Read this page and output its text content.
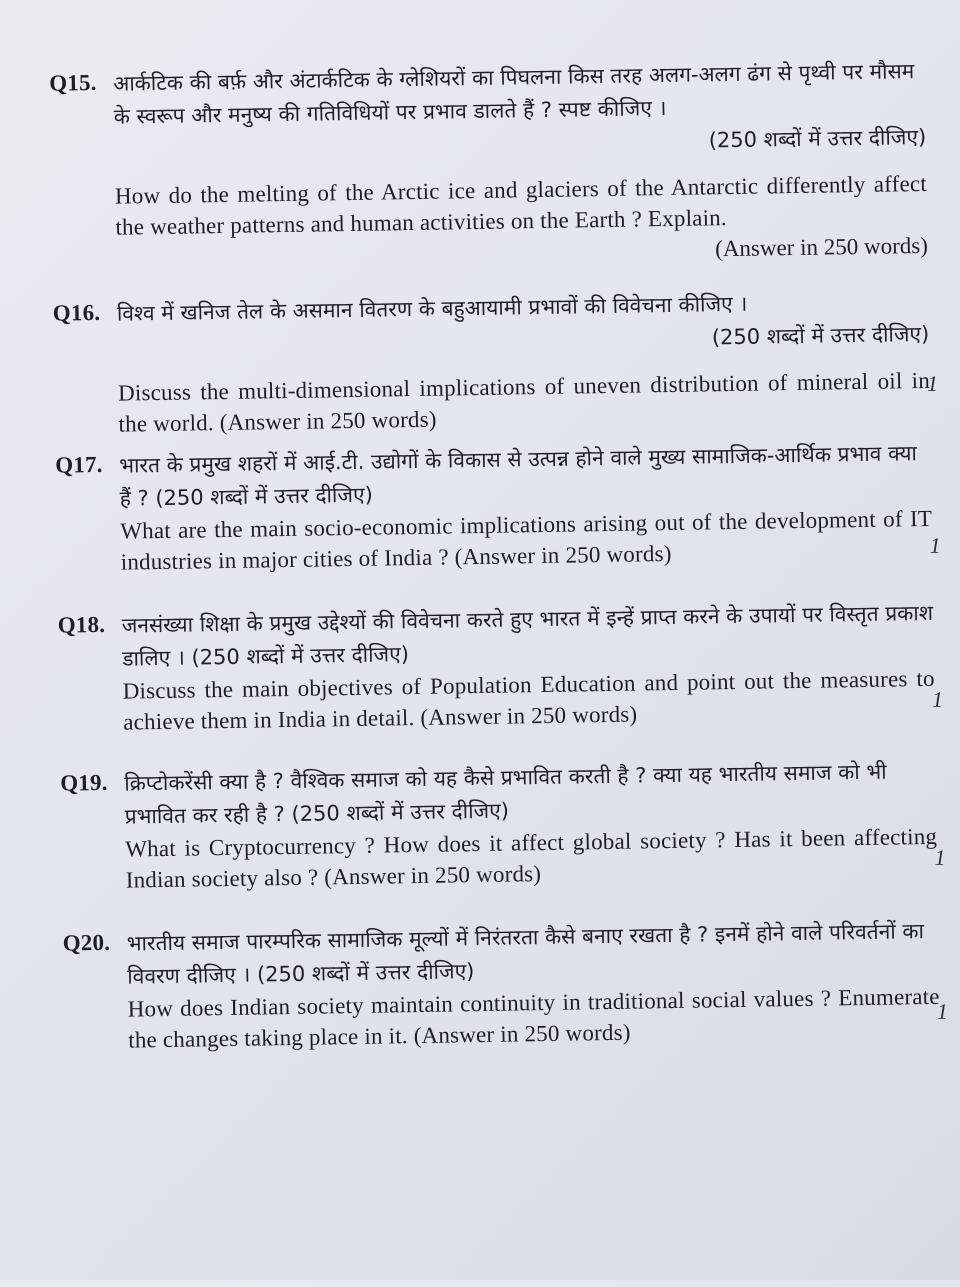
Q15. आर्कटिक की बर्फ़ और अंटार्कटिक के ग्लेशियरों का पिघलना किस तरह अलग-अलग ढंग से पृथ्वी पर मौसम के स्वरूप और मनुष्य की गतिविधियों पर प्रभाव डालते हैं ? स्पष्ट कीजिए ।

(250 शब्दों में उत्तर दीजिए)

How do the melting of the Arctic ice and glaciers of the Antarctic differently affect the weather patterns and human activities on the Earth ? Explain.

(Answer in 250 words)

Q16. विश्व में खनिज तेल के असमान वितरण के बहुआयामी प्रभावों की विवेचना कीजिए ।

(250 शब्दों में उत्तर दीजिए)

Discuss the multi-dimensional implications of uneven distribution of mineral oil in the world. (Answer in 250 words)

1
Q17. भारत के प्रमुख शहरों में आई.टी. उद्योगों के विकास से उत्पन्न होने वाले मुख्य सामाजिक-आर्थिक प्रभाव क्या हैं ? (250 शब्दों में उत्तर दीजिए)

What are the main socio-economic implications arising out of the development of IT industries in major cities of India ? (Answer in 250 words)	1
Q18. जनसंख्या शिक्षा के प्रमुख उद्देश्यों की विवेचना करते हुए भारत में इन्हें प्राप्त करने के उपायों पर विस्तृत प्रकाश डालिए । (250 शब्दों में उत्तर दीजिए)

Discuss the main objectives of Population Education and point out the measures to achieve them in India in detail. (Answer in 250 words)

1
Q19. क्रिप्टोकरेंसी क्या है ? वैश्विक समाज को यह कैसे प्रभावित करती है ? क्या यह भारतीय समाज को भी प्रभावित कर रही है ? (250 शब्दों में उत्तर दीजिए)

What is Cryptocurrency ? How does it affect global society ? Has it been affecting Indian society also ? (Answer in 250 words)

1
Q20. भारतीय समाज पारम्परिक सामाजिक मूल्यों में निरंतरता कैसे बनाए रखता है ? इनमें होने वाले परिवर्तनों का विवरण दीजिए । (250 शब्दों में उत्तर दीजिए)

How does Indian society maintain continuity in traditional social values ? Enumerate the changes taking place in it. (Answer in 250 words)

1
